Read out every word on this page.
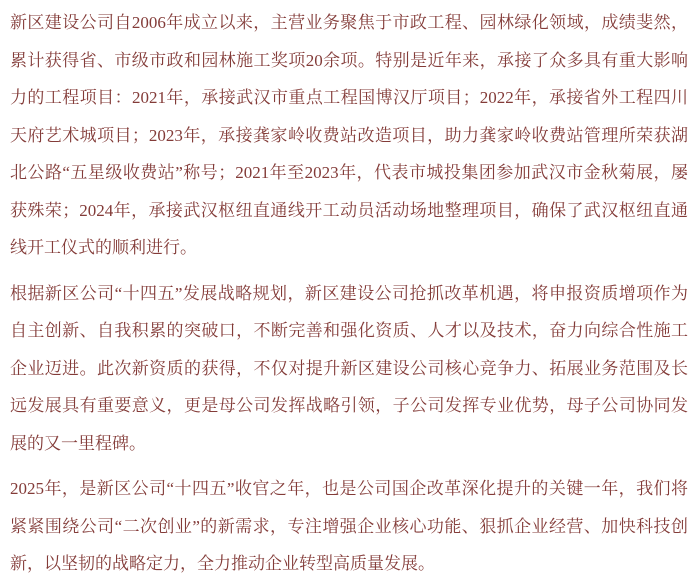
新区建设公司自2006年成立以来，主营业务聚焦于市政工程、园林绿化领域，成绩斐然，累计获得省、市级市政和园林施工奖项20余项。特别是近年来，承接了众多具有重大影响力的工程项目：2021年，承接武汉市重点工程国博汉厅项目；2022年，承接省外工程四川天府艺术城项目；2023年，承接龚家岭收费站改造项目，助力龚家岭收费站管理所荣获湖北公路“五星级收费站”称号；2021年至2023年，代表市城投集团参加武汉市金秋菊展，屡获殊荣；2024年，承接武汉枢纽直通线开工动员活动场地整理项目，确保了武汉枢纽直通线开工仪式的顺利进行。

根据新区公司“十四五”发展战略规划，新区建设公司抢抓改革机遇，将申报资质增项作为自主创新、自我积累的突破口，不断完善和强化资质、人才以及技术，奋力向综合性施工企业迈进。此次新资质的获得，不仅对提升新区建设公司核心竞争力、拓展业务范围及长远发展具有重要意义，更是母公司发挥战略引领，子公司发挥专业优势，母子公司协同发展的又一里程碑。

2025年，是新区公司“十四五”收官之年，也是公司国企改革深化提升的关键一年，我们将紧紧围绕公司“二次创业”的新需求，专注增强企业核心功能、狠抓企业经营、加快科技创新，以坚韧的战略定力，全力推动企业转型高质量发展。
